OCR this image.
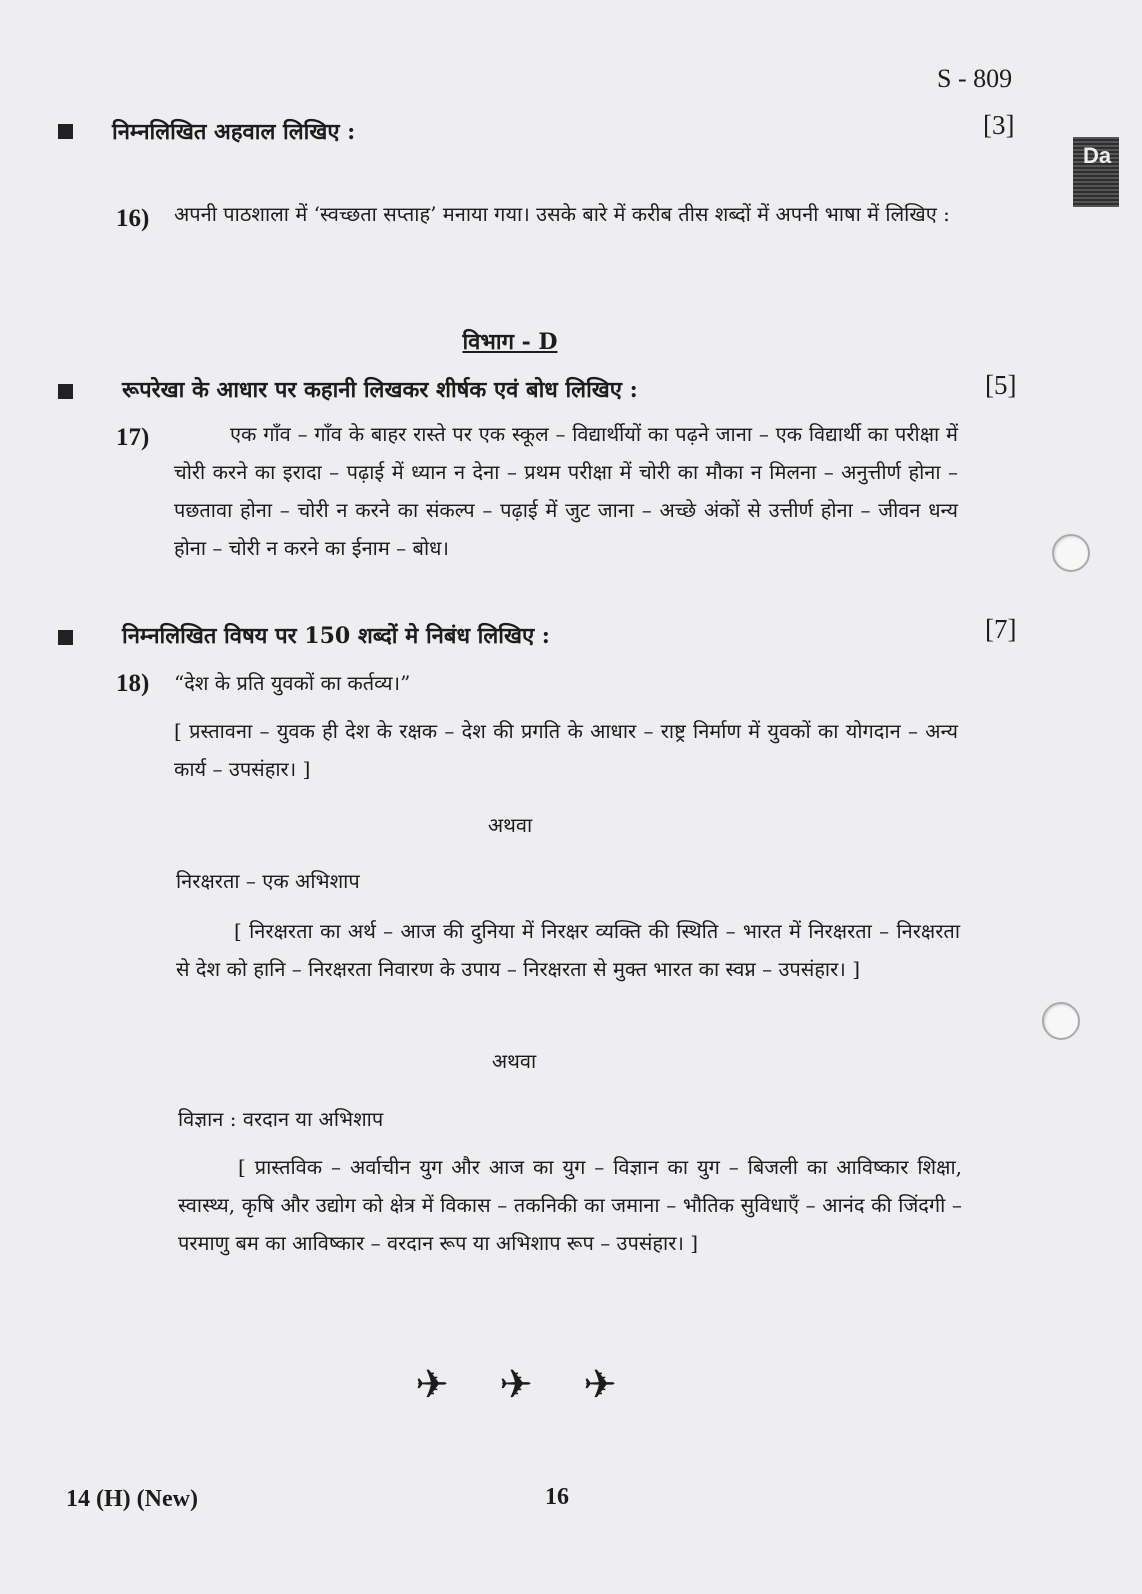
S - 809
Da
निम्नलिखित अहवाल लिखिए :	[3]
16) अपनी पाठशाला में ‘स्वच्छता सप्ताह’ मनाया गया। उसके बारे में करीब तीस शब्दों में अपनी भाषा में लिखिए :
विभाग - D
रूपरेखा के आधार पर कहानी लिखकर शीर्षक एवं बोध लिखिए :	[5]
17)	एक गाँव – गाँव के बाहर रास्ते पर एक स्कूल – विद्यार्थीयों का पढ़ने जाना – एक विद्यार्थी का परीक्षा में चोरी करने का इरादा – पढ़ाई में ध्यान न देना – प्रथम परीक्षा में चोरी का मौका न मिलना – अनुत्तीर्ण होना – पछतावा होना – चोरी न करने का संकल्प – पढ़ाई में जुट जाना – अच्छे अंकों से उत्तीर्ण होना – जीवन धन्य होना – चोरी न करने का ईनाम – बोध।
निम्नलिखित विषय पर 150 शब्दों मे निबंध लिखिए :	[7]
18) “देश के प्रति युवकों का कर्तव्य।”
[ प्रस्तावना – युवक ही देश के रक्षक – देश की प्रगति के आधार – राष्ट्र निर्माण में युवकों का योगदान – अन्य कार्य – उपसंहार। ]
अथवा
निरक्षरता – एक अभिशाप
[ निरक्षरता का अर्थ – आज की दुनिया में निरक्षर व्यक्ति की स्थिति – भारत में निरक्षरता – निरक्षरता से देश को हानि – निरक्षरता निवारण के उपाय – निरक्षरता से मुक्त भारत का स्वप्न – उपसंहार। ]
अथवा
विज्ञान : वरदान या अभिशाप
[ प्रास्तविक – अर्वाचीन युग और आज का युग – विज्ञान का युग – बिजली का आविष्कार शिक्षा, स्वास्थ्य, कृषि और उद्योग को क्षेत्र में विकास – तकनिकी का जमाना – भौतिक सुविधाएँ – आनंद की जिंदगी – परमाणु बम का आविष्कार – वरदान रूप या अभिशाप रूप – उपसंहार। ]
✈ ✈ ✈
14 (H) (New)	16
